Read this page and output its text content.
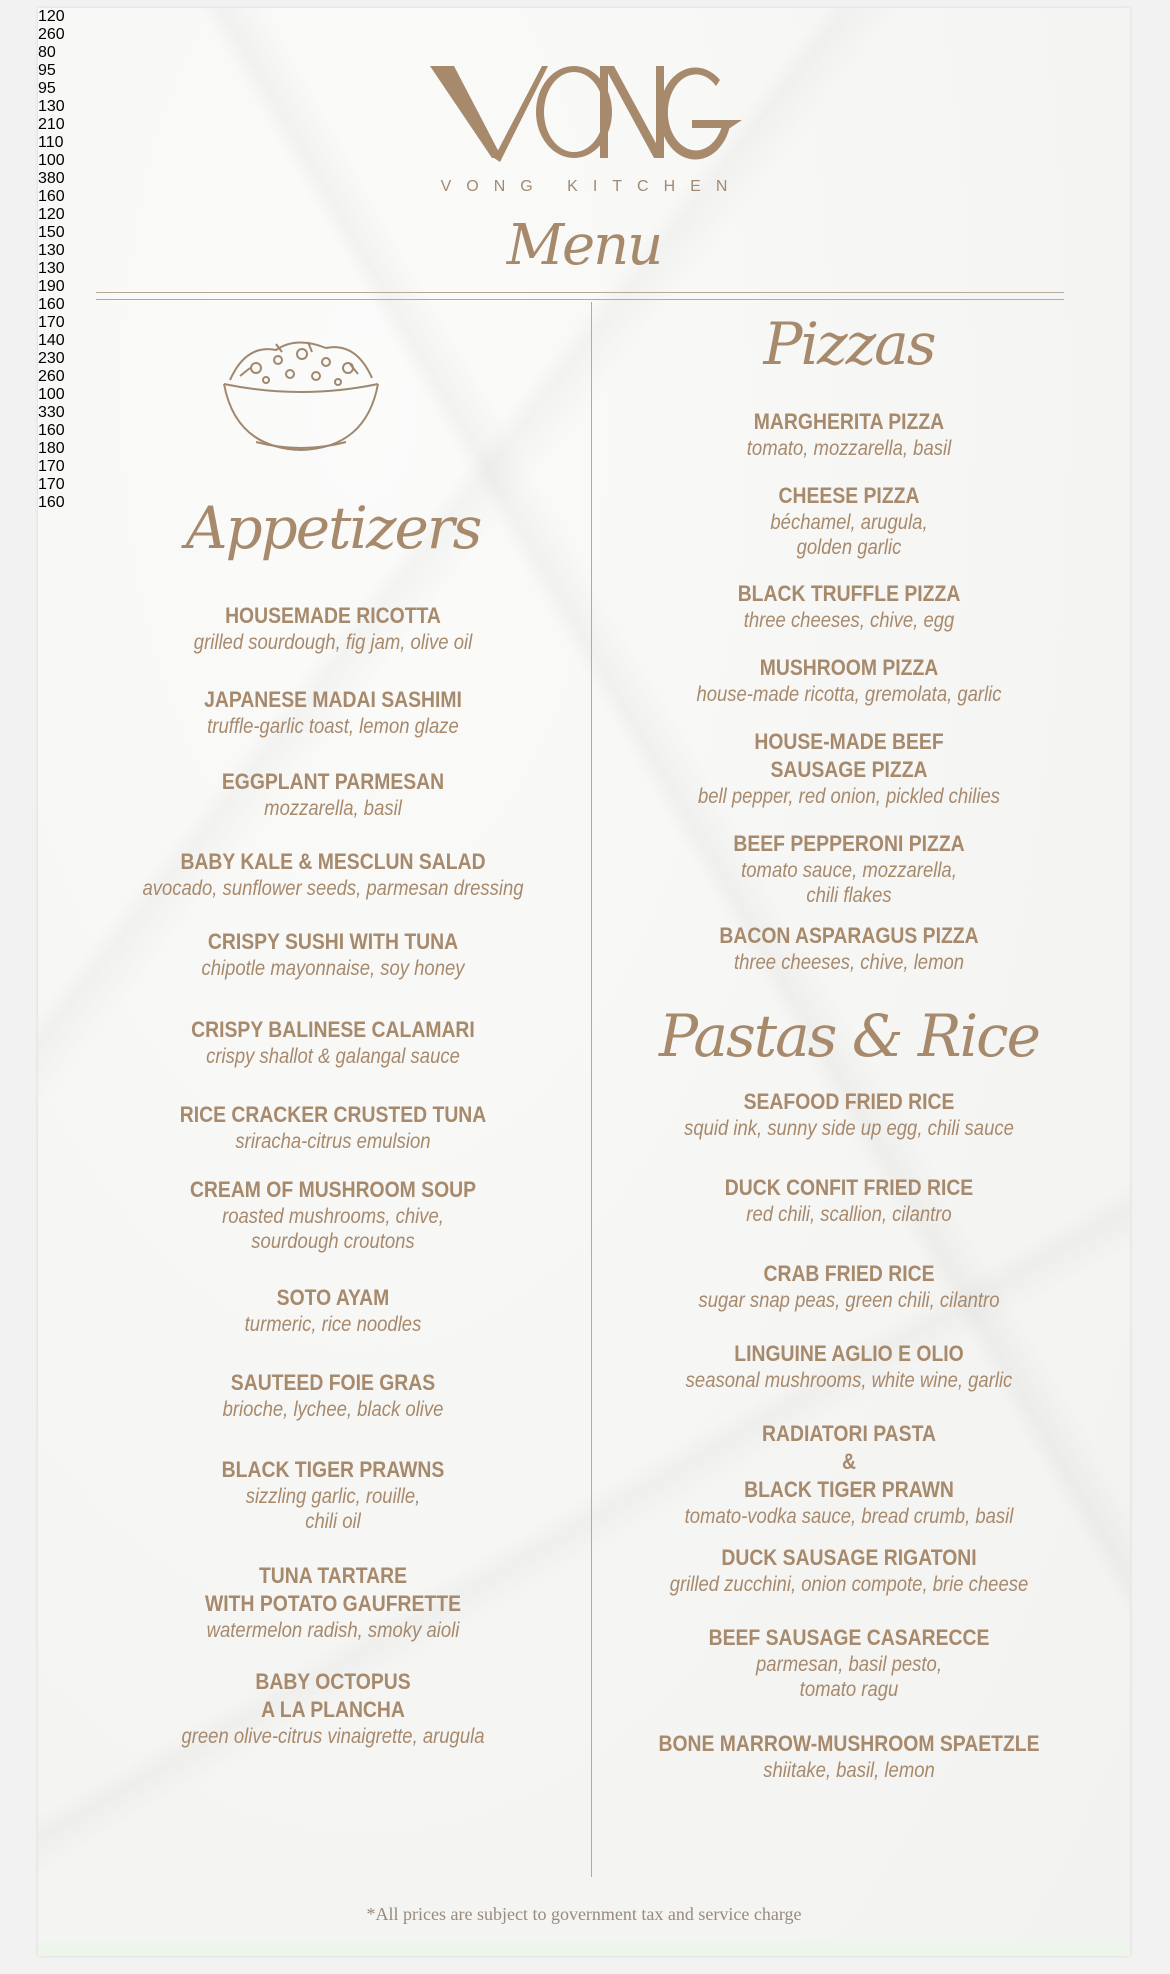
VONG KITCHEN
Menu
Appetizers
HOUSEMADE RICOTTA
grilled sourdough, fig jam, olive oil
120
JAPANESE MADAI SASHIMI
truffle-garlic toast, lemon glaze
260
EGGPLANT PARMESAN
mozzarella, basil
80
BABY KALE & MESCLUN SALAD
avocado, sunflower seeds, parmesan dressing
95
CRISPY SUSHI WITH TUNA
chipotle mayonnaise, soy honey
95
CRISPY BALINESE CALAMARI
crispy shallot & galangal sauce
130
RICE CRACKER CRUSTED TUNA
sriracha-citrus emulsion
210
CREAM OF MUSHROOM SOUP
roasted mushrooms, chive,
sourdough croutons
110
SOTO AYAM
turmeric, rice noodles
100
SAUTEED FOIE GRAS
brioche, lychee, black olive
380
BLACK TIGER PRAWNS
sizzling garlic, rouille,
chili oil
160
TUNA TARTARE
WITH POTATO GAUFRETTE
watermelon radish, smoky aioli
120
BABY OCTOPUS
A LA PLANCHA
green olive-citrus vinaigrette, arugula
150
Pizzas
MARGHERITA PIZZA
tomato, mozzarella, basil
130
CHEESE PIZZA
béchamel, arugula,
golden garlic
130
BLACK TRUFFLE PIZZA
three cheeses, chive, egg
190
MUSHROOM PIZZA
house-made ricotta, gremolata, garlic
160
HOUSE-MADE BEEF
SAUSAGE PIZZA
bell pepper, red onion, pickled chilies
170
BEEF PEPPERONI PIZZA
tomato sauce, mozzarella,
chili flakes
140
BACON ASPARAGUS PIZZA
three cheeses, chive, lemon
230
Pastas & Rice
SEAFOOD FRIED RICE
squid ink, sunny side up egg, chili sauce
260
DUCK CONFIT FRIED RICE
red chili, scallion, cilantro
100
CRAB FRIED RICE
sugar snap peas, green chili, cilantro
330
LINGUINE AGLIO E OLIO
seasonal mushrooms, white wine, garlic
160
RADIATORI PASTA
&
BLACK TIGER PRAWN
tomato-vodka sauce, bread crumb, basil
180
DUCK SAUSAGE RIGATONI
grilled zucchini, onion compote, brie cheese
170
BEEF SAUSAGE CASARECCE
parmesan, basil pesto,
tomato ragu
170
BONE MARROW-MUSHROOM SPAETZLE
shiitake, basil, lemon
160
*All prices are subject to government tax and service charge
